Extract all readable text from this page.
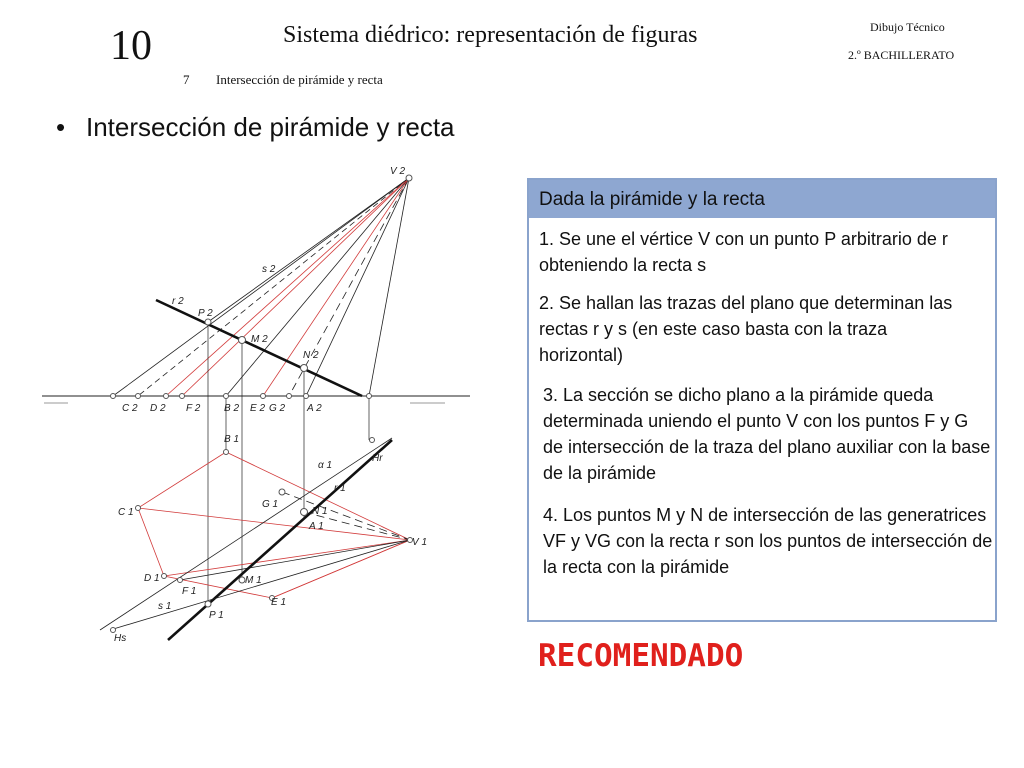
10	Sistema diédrico: representación de figuras
7 Intersección de pirámide y recta
Dibujo Técnico
2.º BACHILLERATO
• Intersección de pirámide y recta
V 2
s 2
r 2
P 2
M 2
N 2
C 2 D 2 F 2 B 2 E 2 G 2 A 2
B 1
α 1
Hr
r 1
C 1
G 1
N 1
A 1
V 1
D 1	M 1
F 1
E 1
s 1
P 1
Hs
Dada la pirámide y la recta
1. Se une el vértice V con un punto P arbitrario de r obteniendo la recta s
2. Se hallan las trazas del plano que determinan las rectas r y s (en este caso basta con la traza horizontal)
3. La sección se dicho plano a la pirámide queda determinada uniendo el punto V con los puntos F y G de intersección de la traza del plano auxiliar con la base de la pirámide
4. Los puntos M y N de intersección de las generatrices VF y VG con la recta r son los puntos de intersección de la recta con la pirámide
RECOMENDADO
